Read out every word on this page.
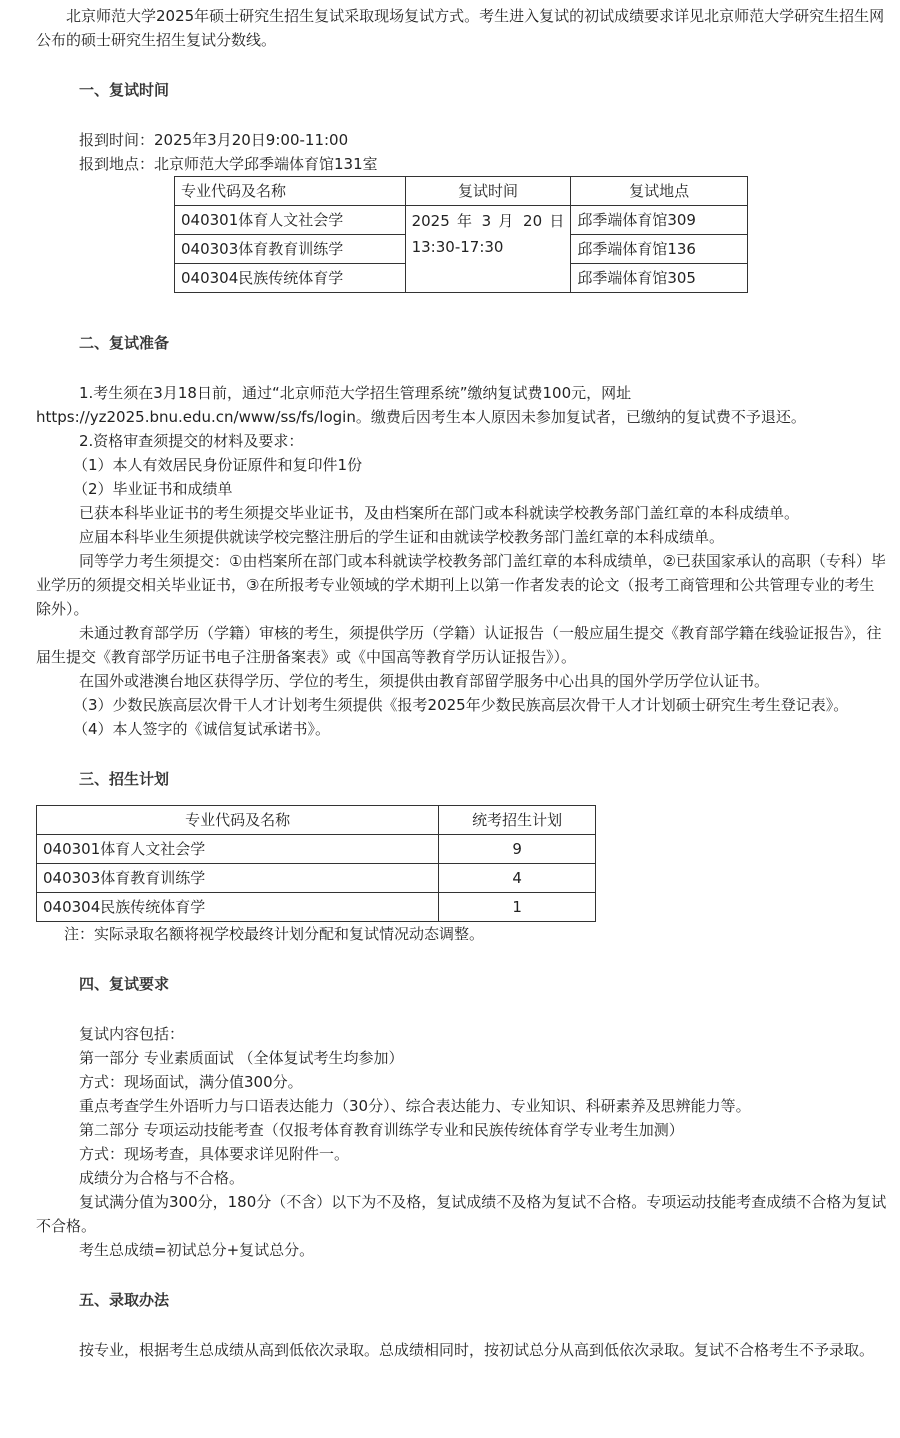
北京师范大学2025年硕士研究生招生复试采取现场复试方式。考生进入复试的初试成绩要求详见北京师范大学研究生招生网公布的硕士研究生招生复试分数线。

一、复试时间

报到时间：2025年3月20日9:00-11:00

报到地点：北京师范大学邱季端体育馆131室

专业代码及名称	复试时间	复试地点
040301体育人文社会学	2025 年 3 月 20 日 13:30-17:30	邱季端体育馆309
040303体育教育训练学		邱季端体育馆136
040304民族传统体育学		邱季端体育馆305
二、复试准备

1.考生须在3月18日前，通过“北京师范大学招生管理系统”缴纳复试费100元，网址https://yz2025.bnu.edu.cn/www/ss/fs/login。缴费后因考生本人原因未参加复试者，已缴纳的复试费不予退还。

2.资格审查须提交的材料及要求：

（1）本人有效居民身份证原件和复印件1份

（2）毕业证书和成绩单

已获本科毕业证书的考生须提交毕业证书，及由档案所在部门或本科就读学校教务部门盖红章的本科成绩单。

应届本科毕业生须提供就读学校完整注册后的学生证和由就读学校教务部门盖红章的本科成绩单。

同等学力考生须提交：①由档案所在部门或本科就读学校教务部门盖红章的本科成绩单，②已获国家承认的高职（专科）毕业学历的须提交相关毕业证书，③在所报考专业领域的学术期刊上以第一作者发表的论文（报考工商管理和公共管理专业的考生除外）。

未通过教育部学历（学籍）审核的考生，须提供学历（学籍）认证报告（一般应届生提交《教育部学籍在线验证报告》，往届生提交《教育部学历证书电子注册备案表》或《中国高等教育学历认证报告》）。

在国外或港澳台地区获得学历、学位的考生，须提供由教育部留学服务中心出具的国外学历学位认证书。

（3）少数民族高层次骨干人才计划考生须提供《报考2025年少数民族高层次骨干人才计划硕士研究生考生登记表》。

（4）本人签字的《诚信复试承诺书》。

三、招生计划
专业代码及名称	统考招生计划
040301体育人文社会学	9
040303体育教育训练学	4
040304民族传统体育学	1

注：实际录取名额将视学校最终计划分配和复试情况动态调整。

四、复试要求

复试内容包括：

第一部分 专业素质面试 （全体复试考生均参加）

方式：现场面试，满分值300分。

重点考查学生外语听力与口语表达能力（30分）、综合表达能力、专业知识、科研素养及思辨能力等。

第二部分 专项运动技能考查（仅报考体育教育训练学专业和民族传统体育学专业考生加测）

方式：现场考查，具体要求详见附件一。

成绩分为合格与不合格。

复试满分值为300分，180分（不含）以下为不及格，复试成绩不及格为复试不合格。专项运动技能考查成绩不合格为复试不合格。

考生总成绩=初试总分+复试总分。

五、录取办法

按专业，根据考生总成绩从高到低依次录取。总成绩相同时，按初试总分从高到低依次录取。复试不合格考生不予录取。
